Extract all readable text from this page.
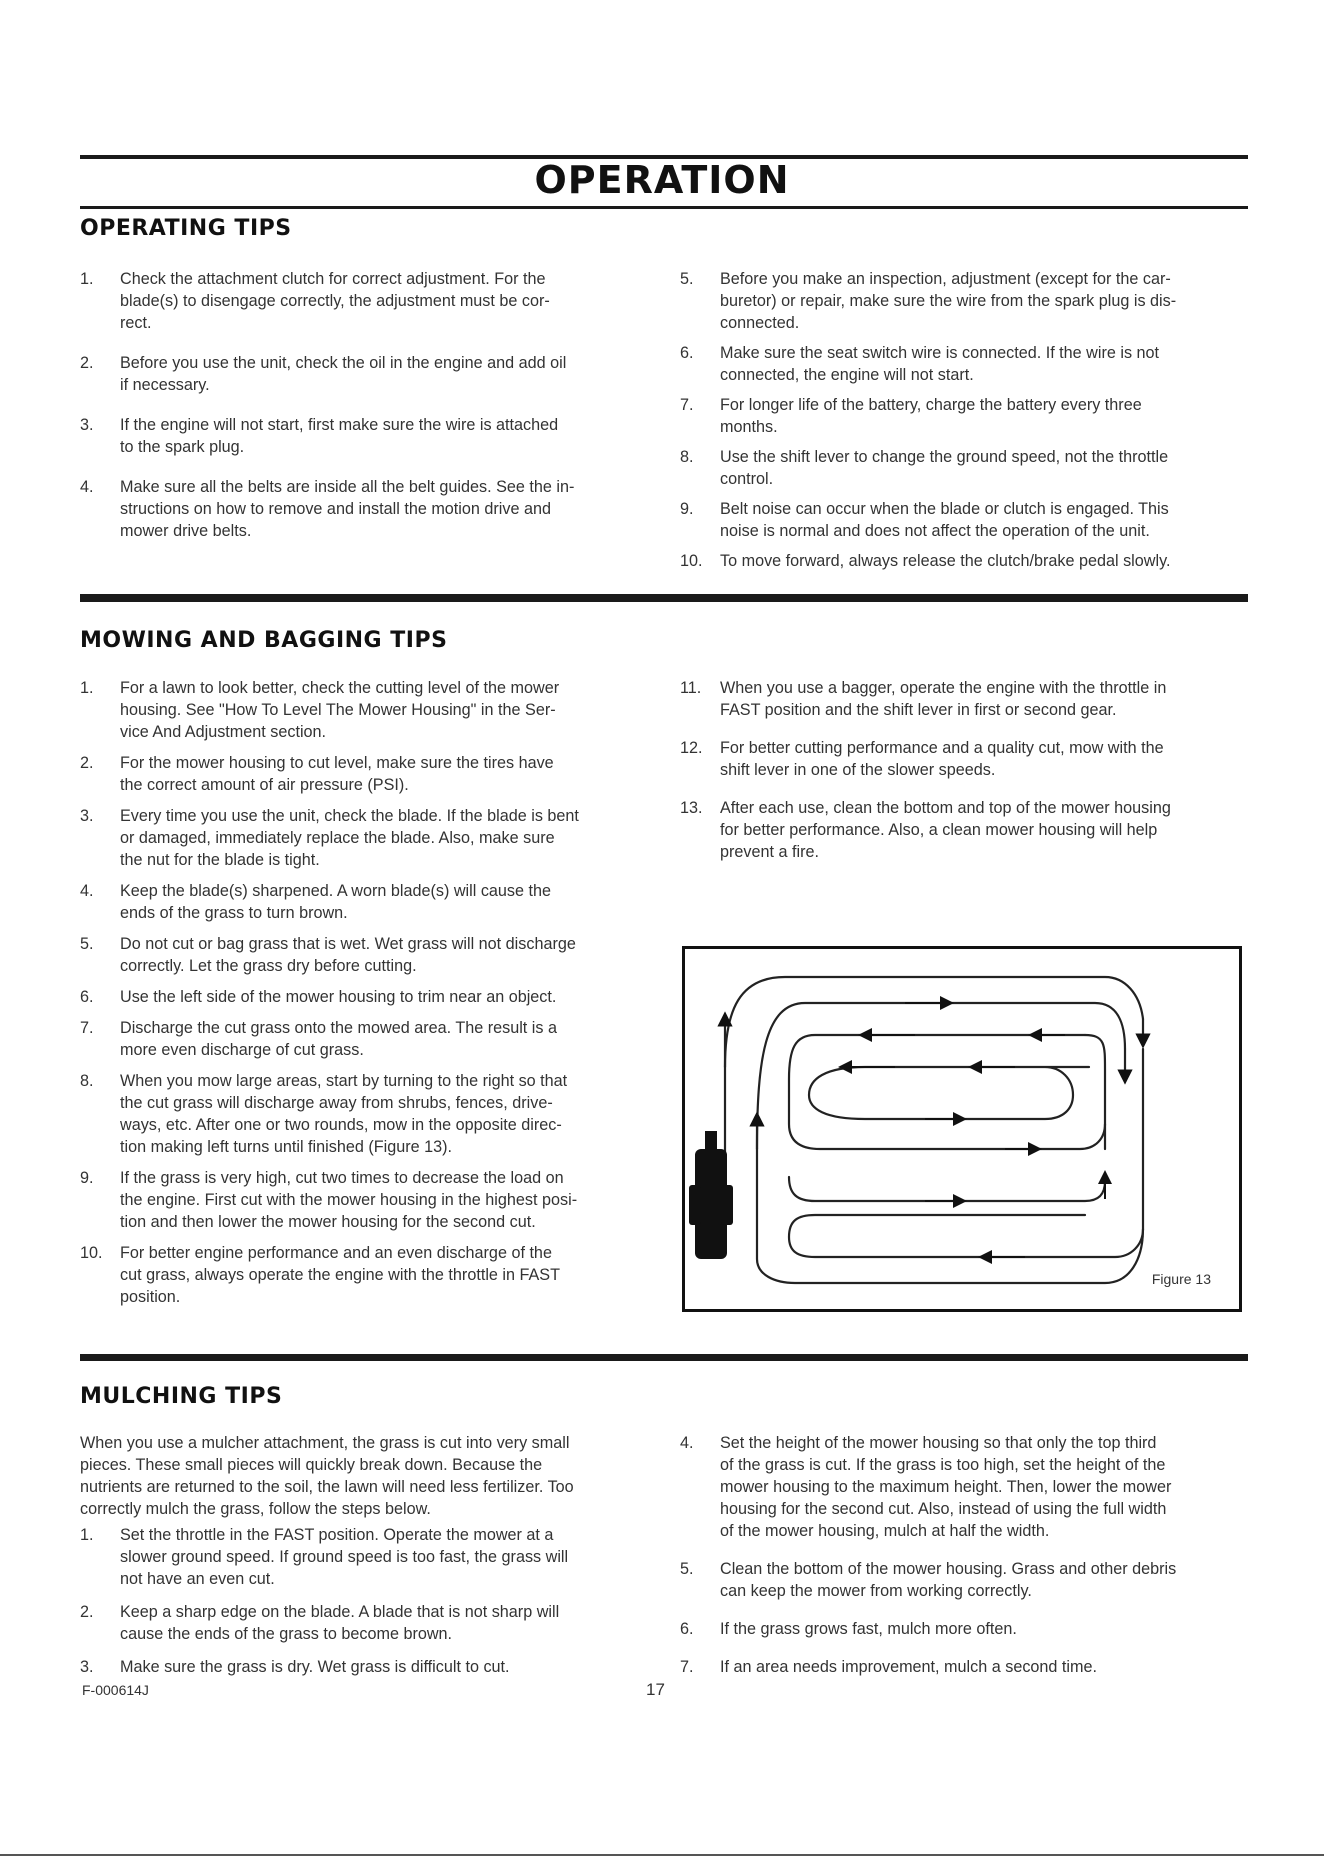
OPERATION
OPERATING TIPS
1. Check the attachment clutch for correct adjustment. For the
blade(s) to disengage correctly, the adjustment must be cor-
rect.
2. Before you use the unit, check the oil in the engine and add oil
if necessary.
3. If the engine will not start, first make sure the wire is attached
to the spark plug.
4. Make sure all the belts are inside all the belt guides. See the in-
structions on how to remove and install the motion drive and
mower drive belts.
5. Before you make an inspection, adjustment (except for the car-
buretor) or repair, make sure the wire from the spark plug is dis-
connected.
6. Make sure the seat switch wire is connected. If the wire is not
connected, the engine will not start.
7. For longer life of the battery, charge the battery every three
months.
8. Use the shift lever to change the ground speed, not the throttle
control.
9. Belt noise can occur when the blade or clutch is engaged. This
noise is normal and does not affect the operation of the unit.
10. To move forward, always release the clutch/brake pedal slowly.
MOWING AND BAGGING TIPS
1. For a lawn to look better, check the cutting level of the mower
housing. See "How To Level The Mower Housing" in the Ser-
vice And Adjustment section.
2. For the mower housing to cut level, make sure the tires have
the correct amount of air pressure (PSI).
3. Every time you use the unit, check the blade. If the blade is bent
or damaged, immediately replace the blade. Also, make sure
the nut for the blade is tight.
4. Keep the blade(s) sharpened. A worn blade(s) will cause the
ends of the grass to turn brown.
5. Do not cut or bag grass that is wet. Wet grass will not discharge
correctly. Let the grass dry before cutting.
6. Use the left side of the mower housing to trim near an object.
7. Discharge the cut grass onto the mowed area. The result is a
more even discharge of cut grass.
8. When you mow large areas, start by turning to the right so that
the cut grass will discharge away from shrubs, fences, drive-
ways, etc. After one or two rounds, mow in the opposite direc-
tion making left turns until finished (Figure 13).
9. If the grass is very high, cut two times to decrease the load on
the engine. First cut with the mower housing in the highest posi-
tion and then lower the mower housing for the second cut.
10. For better engine performance and an even discharge of the
cut grass, always operate the engine with the throttle in FAST
position.
11. When you use a bagger, operate the engine with the throttle in
FAST position and the shift lever in first or second gear.
12. For better cutting performance and a quality cut, mow with the
shift lever in one of the slower speeds.
13. After each use, clean the bottom and top of the mower housing
for better performance. Also, a clean mower housing will help
prevent a fire.
Figure 13
MULCHING TIPS
When you use a mulcher attachment, the grass is cut into very small
pieces. These small pieces will quickly break down. Because the
nutrients are returned to the soil, the lawn will need less fertilizer. Too
correctly mulch the grass, follow the steps below.
1. Set the throttle in the FAST position. Operate the mower at a
slower ground speed. If ground speed is too fast, the grass will
not have an even cut.
2. Keep a sharp edge on the blade. A blade that is not sharp will
cause the ends of the grass to become brown.
3. Make sure the grass is dry. Wet grass is difficult to cut.
4. Set the height of the mower housing so that only the top third
of the grass is cut. If the grass is too high, set the height of the
mower housing to the maximum height. Then, lower the mower
housing for the second cut. Also, instead of using the full width
of the mower housing, mulch at half the width.
5. Clean the bottom of the mower housing. Grass and other debris
can keep the mower from working correctly.
6. If the grass grows fast, mulch more often.
7. If an area needs improvement, mulch a second time.
F-000614J	17
